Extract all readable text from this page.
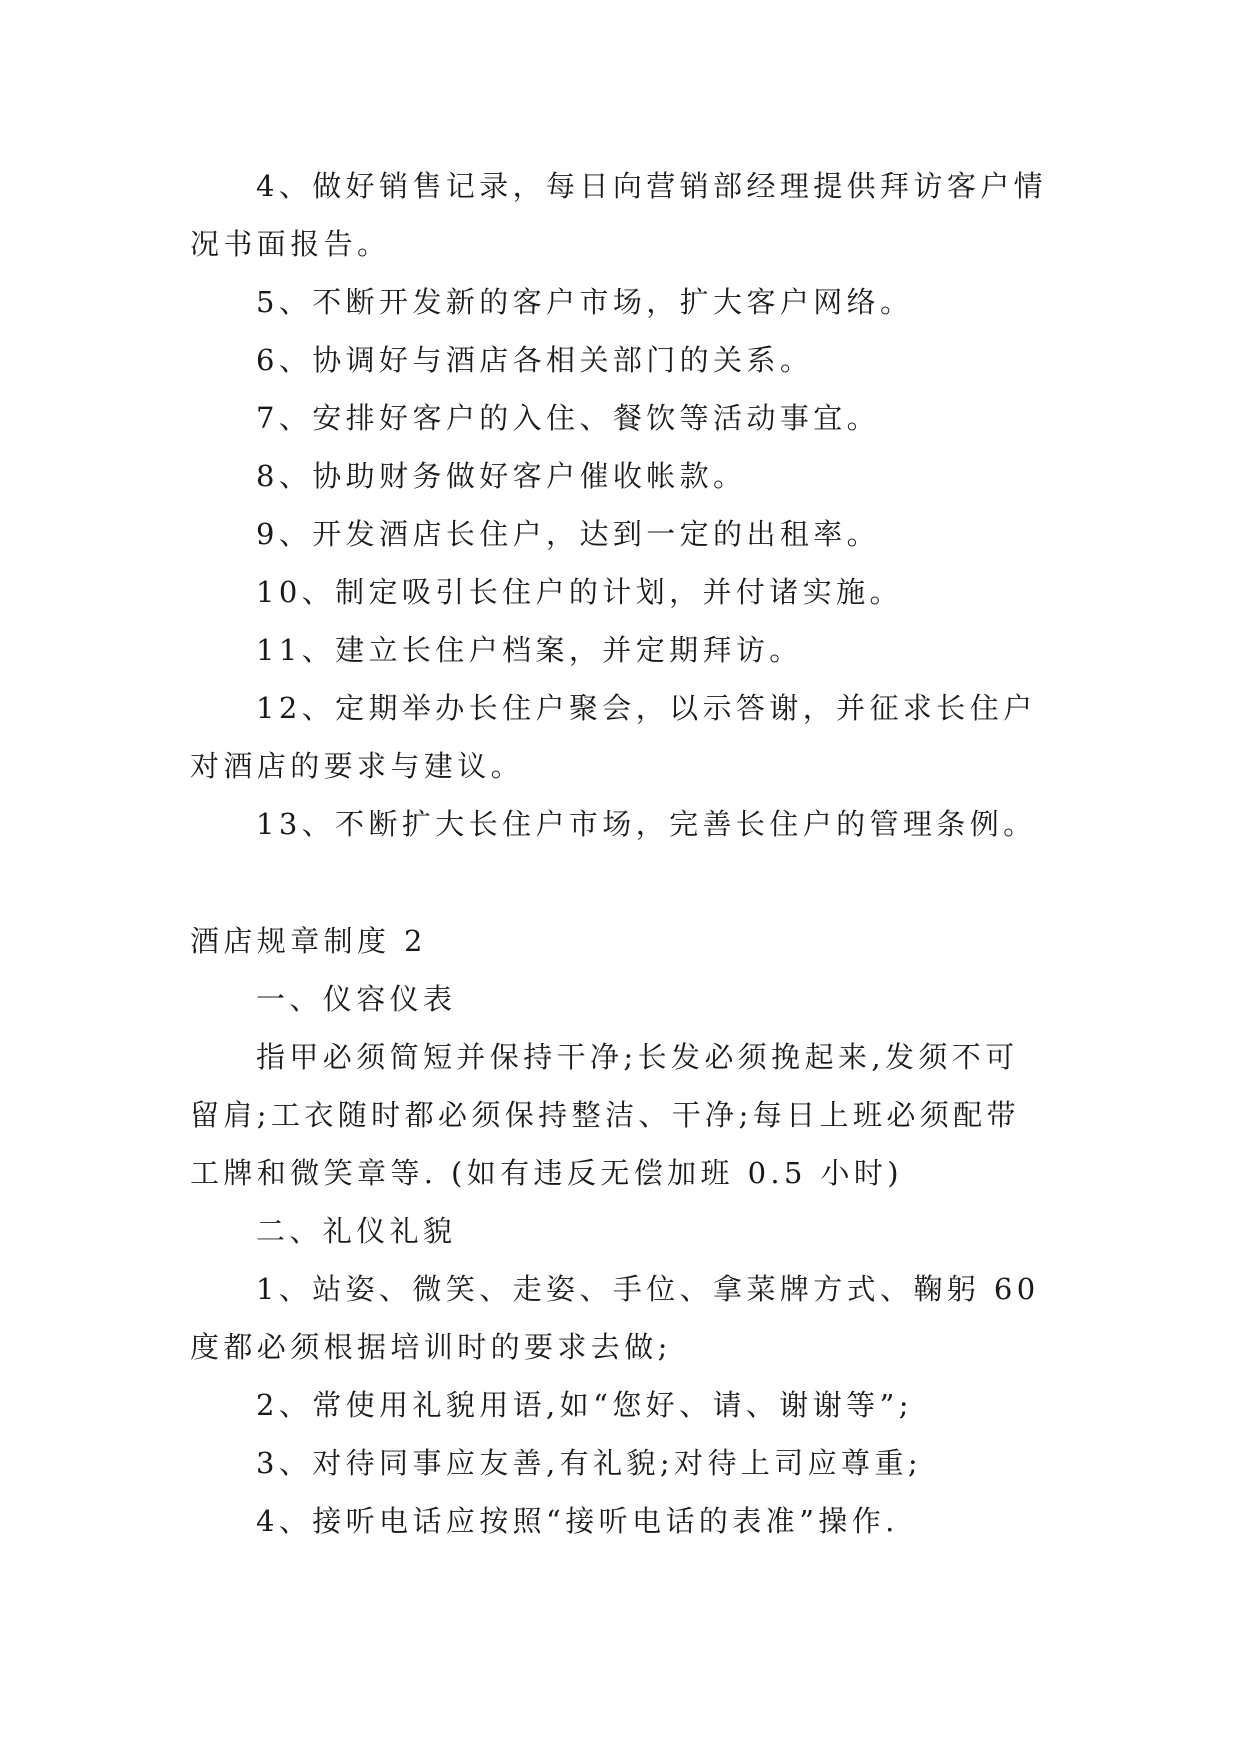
4、做好销售记录，每日向营销部经理提供拜访客户情况书面报告。

5、不断开发新的客户市场，扩大客户网络。

6、协调好与酒店各相关部门的关系。

7、安排好客户的入住、餐饮等活动事宜。

8、协助财务做好客户催收帐款。

9、开发酒店长住户，达到一定的出租率。

10、制定吸引长住户的计划，并付诸实施。

11、建立长住户档案，并定期拜访。

12、定期举办长住户聚会，以示答谢，并征求长住户对酒店的要求与建议。

13、不断扩大长住户市场，完善长住户的管理条例。

酒店规章制度 2

一、仪容仪表

指甲必须简短并保持干净;长发必须挽起来,发须不可留肩;工衣随时都必须保持整洁、干净;每日上班必须配带工牌和微笑章等. (如有违反无偿加班 0.5 小时)

二、礼仪礼貌

1、站姿、微笑、走姿、手位、拿菜牌方式、鞠躬 60 度都必须根据培训时的要求去做;

2、常使用礼貌用语,如“您好、请、谢谢等”;

3、对待同事应友善,有礼貌;对待上司应尊重;

4、接听电话应按照“接听电话的表准”操作.
